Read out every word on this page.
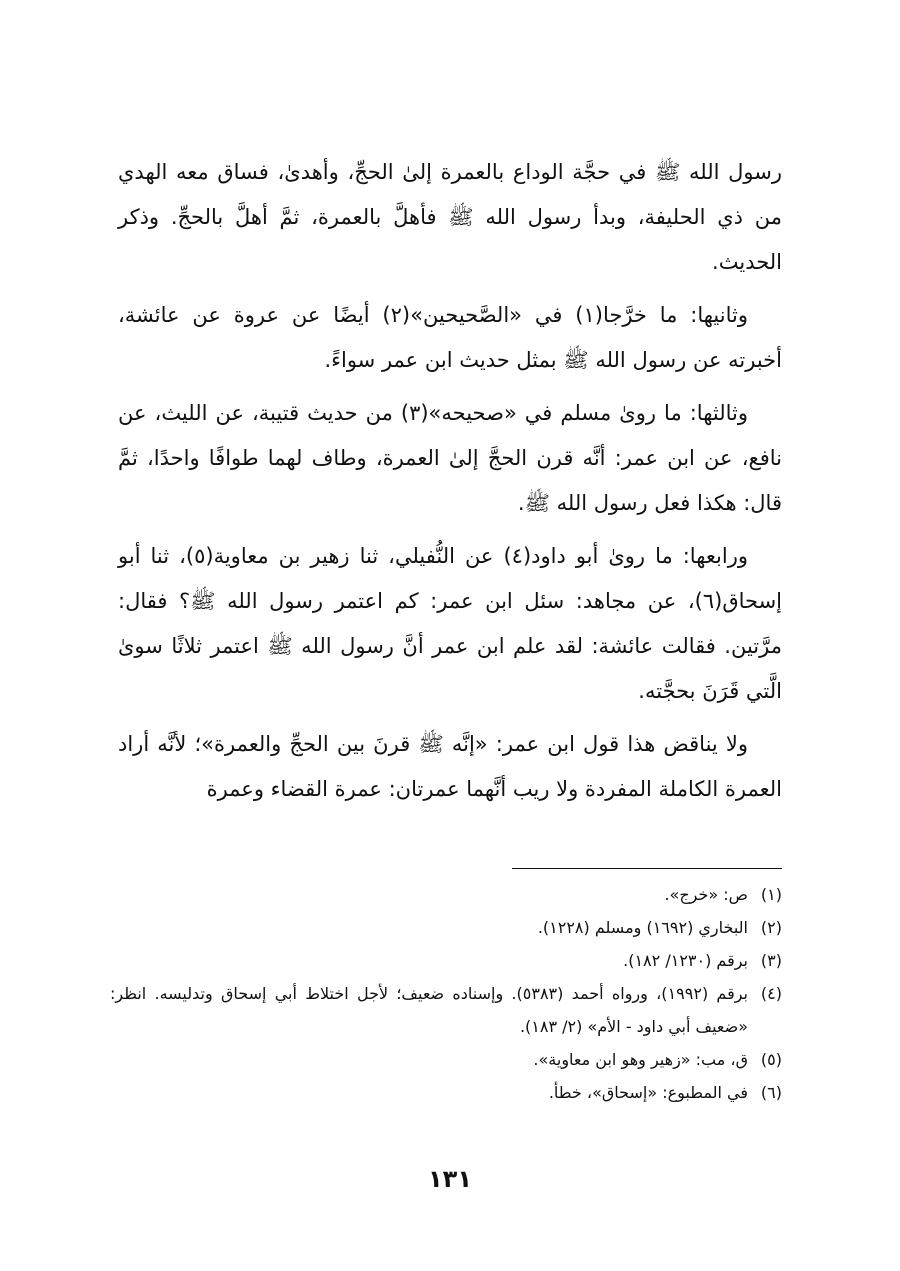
رسول الله ﷺ في حجَّة الوداع بالعمرة إلىٰ الحجِّ، وأهدىٰ، فساق معه الهدي من ذي الحليفة، وبدأ رسول الله ﷺ فأهلَّ بالعمرة، ثمَّ أهلَّ بالحجِّ. وذكر الحديث.

وثانيها: ما خرَّجا(١) في «الصَّحيحين»(٢) أيضًا عن عروة عن عائشة، أخبرته عن رسول الله ﷺ بمثل حديث ابن عمر سواءً.

وثالثها: ما روىٰ مسلم في «صحيحه»(٣) من حديث قتيبة، عن الليث، عن نافع، عن ابن عمر: أنَّه قرن الحجَّ إلىٰ العمرة، وطاف لهما طوافًا واحدًا، ثمَّ قال: هكذا فعل رسول الله ﷺ.

ورابعها: ما روىٰ أبو داود(٤) عن النُّفيلي، ثنا زهير بن معاوية(٥)، ثنا أبو إسحاق(٦)، عن مجاهد: سئل ابن عمر: كم اعتمر رسول الله ﷺ؟ فقال: مرَّتين. فقالت عائشة: لقد علم ابن عمر أنَّ رسول الله ﷺ اعتمر ثلاثًا سوىٰ الَّتي قَرَنَ بحجَّته.

ولا يناقض هذا قول ابن عمر: «إنَّه ﷺ قرنَ بين الحجِّ والعمرة»؛ لأنَّه أراد العمرة الكاملة المفردة ولا ريب أنَّهما عمرتان: عمرة القضاء وعمرة

(١)
ص: «خرج».
(٢)
البخاري (١٦٩٢) ومسلم (١٢٢٨).
(٣)
برقم (١٢٣٠/ ١٨٢).
(٤)
برقم (١٩٩٢)، ورواه أحمد (٥٣٨٣). وإسناده ضعيف؛ لأجل اختلاط أبي إسحاق وتدليسه. انظر: «ضعيف أبي داود - الأم» (٢/ ١٨٣).
(٥)
ق، مب: «زهير وهو ابن معاوية».
(٦)
في المطبوع: «إسحاق»، خطأ.
١٣١
